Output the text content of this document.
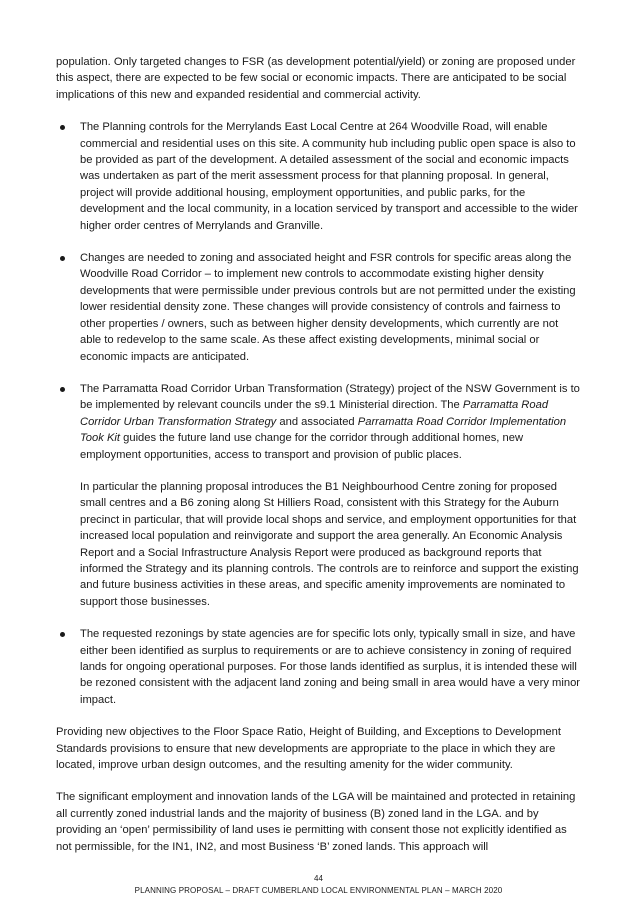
population. Only targeted changes to FSR (as development potential/yield) or zoning are proposed under this aspect, there are expected to be few social or economic impacts. There are anticipated to be social implications of this new and expanded residential and commercial activity.

The Planning controls for the Merrylands East Local Centre at 264 Woodville Road, will enable commercial and residential uses on this site. A community hub including public open space is also to be provided as part of the development. A detailed assessment of the social and economic impacts was undertaken as part of the merit assessment process for that planning proposal. In general, project will provide additional housing, employment opportunities, and public parks, for the development and the local community, in a location serviced by transport and accessible to the wider higher order centres of Merrylands and Granville.

Changes are needed to zoning and associated height and FSR controls for specific areas along the Woodville Road Corridor – to implement new controls to accommodate existing higher density developments that were permissible under previous controls but are not permitted under the existing lower residential density zone. These changes will provide consistency of controls and fairness to other properties / owners, such as between higher density developments, which currently are not able to redevelop to the same scale. As these affect existing developments, minimal social or economic impacts are anticipated.

The Parramatta Road Corridor Urban Transformation (Strategy) project of the NSW Government is to be implemented by relevant councils under the s9.1 Ministerial direction. The Parramatta Road Corridor Urban Transformation Strategy and associated Parramatta Road Corridor Implementation Took Kit guides the future land use change for the corridor through additional homes, new employment opportunities, access to transport and provision of public places.

In particular the planning proposal introduces the B1 Neighbourhood Centre zoning for proposed small centres and a B6 zoning along St Hilliers Road, consistent with this Strategy for the Auburn precinct in particular, that will provide local shops and service, and employment opportunities for that increased local population and reinvigorate and support the area generally. An Economic Analysis Report and a Social Infrastructure Analysis Report were produced as background reports that informed the Strategy and its planning controls. The controls are to reinforce and support the existing and future business activities in these areas, and specific amenity improvements are nominated to support those businesses.

The requested rezonings by state agencies are for specific lots only, typically small in size, and have either been identified as surplus to requirements or are to achieve consistency in zoning of required lands for ongoing operational purposes. For those lands identified as surplus, it is intended these will be rezoned consistent with the adjacent land zoning and being small in area would have a very minor impact.

Providing new objectives to the Floor Space Ratio, Height of Building, and Exceptions to Development Standards provisions to ensure that new developments are appropriate to the place in which they are located, improve urban design outcomes, and the resulting amenity for the wider community.

The significant employment and innovation lands of the LGA will be maintained and protected in retaining all currently zoned industrial lands and the majority of business (B) zoned land in the LGA. and by providing an ‘open’ permissibility of land uses ie permitting with consent those not explicitly identified as not permissible, for the IN1, IN2, and most Business ‘B’ zoned lands. This approach will

44
PLANNING PROPOSAL – DRAFT CUMBERLAND LOCAL ENVIRONMENTAL PLAN – MARCH 2020
